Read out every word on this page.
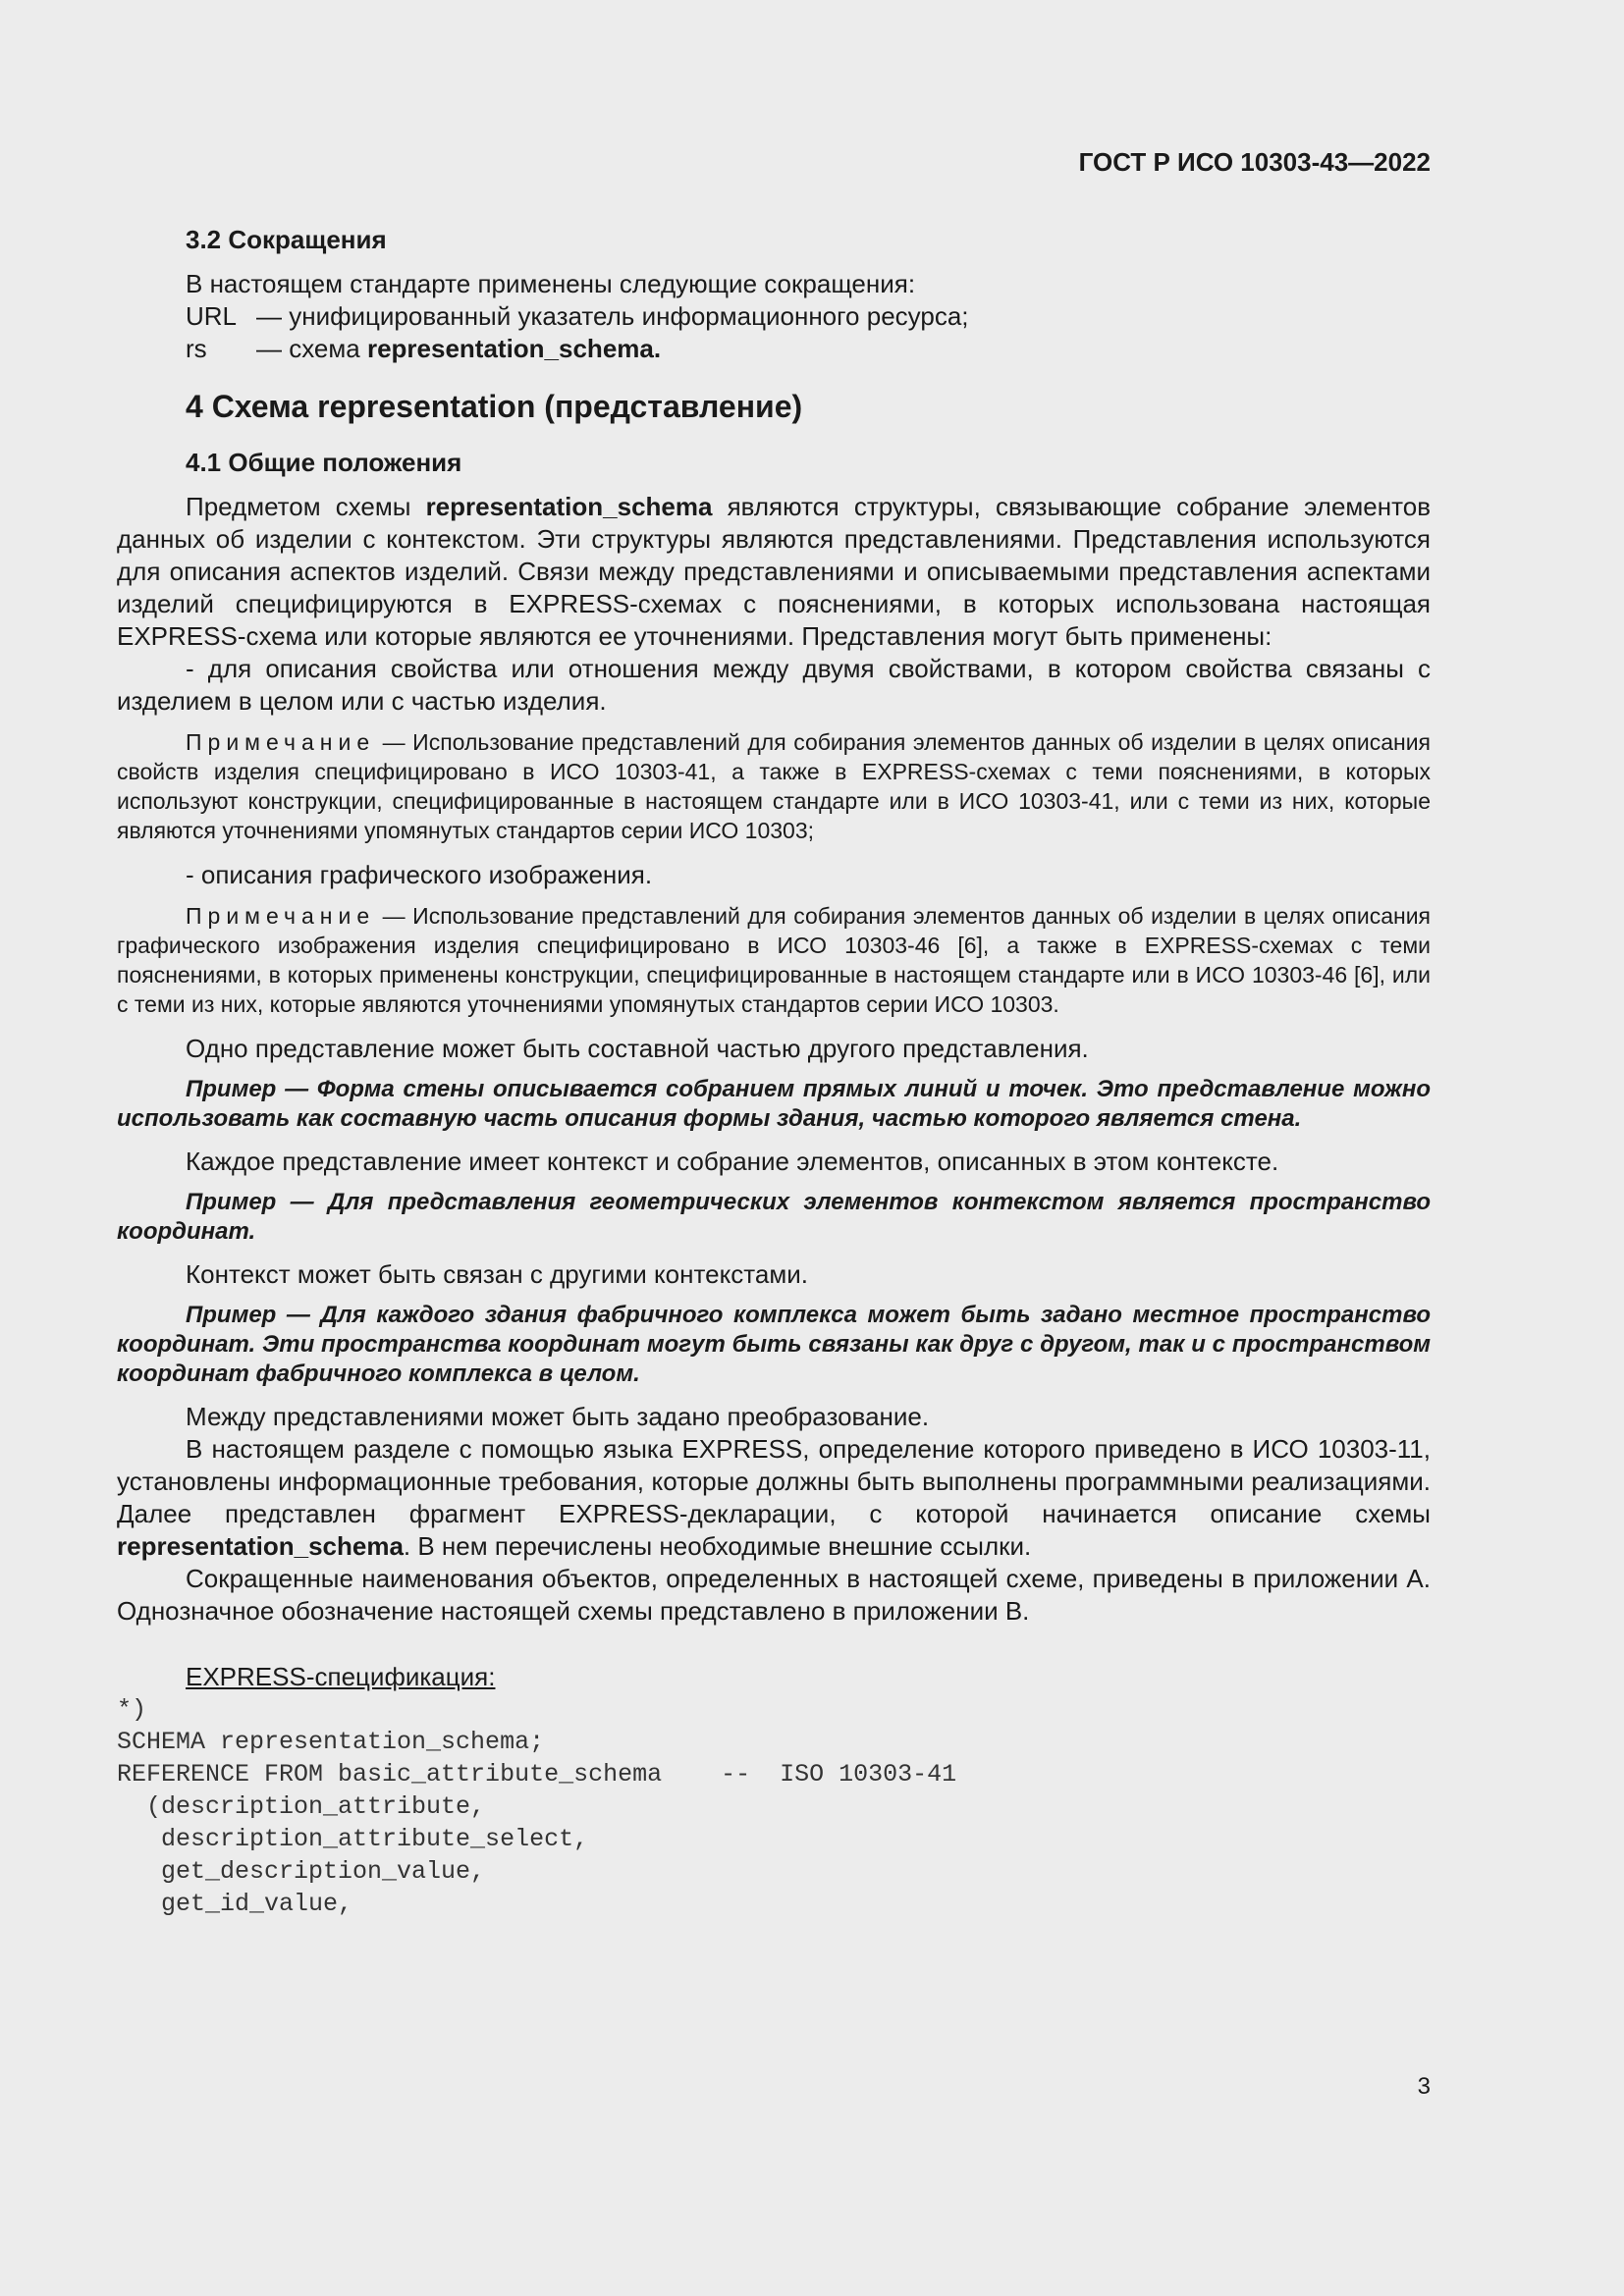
ГОСТ Р ИСО 10303-43—2022
3.2 Сокращения

В настоящем стандарте применены следующие сокращения:

URL — унифицированный указатель информационного ресурса;
rs	— схема representation_schema.
4 Схема representation (представление)
4.1 Общие положения

Предметом схемы representation_schema являются структуры, связывающие собрание элементов данных об изделии с контекстом. Эти структуры являются представлениями. Представления используются для описания аспектов изделий. Связи между представлениями и описываемыми представления аспектами изделий специфицируются в EXPRESS-схемах с пояснениями, в которых использована настоящая EXPRESS-схема или которые являются ее уточнениями. Представления могут быть применены:

- для описания свойства или отношения между двумя свойствами, в котором свойства связаны с изделием в целом или с частью изделия.

Примечание — Использование представлений для собирания элементов данных об изделии в целях описания свойств изделия специфицировано в ИСО 10303-41, а также в EXPRESS-схемах с теми пояснениями, в которых используют конструкции, специфицированные в настоящем стандарте или в ИСО 10303-41, или с теми из них, которые являются уточнениями упомянутых стандартов серии ИСО 10303;

- описания графического изображения.

Примечание — Использование представлений для собирания элементов данных об изделии в целях описания графического изображения изделия специфицировано в ИСО 10303-46 [6], а также в EXPRESS-схемах с теми пояснениями, в которых применены конструкции, специфицированные в настоящем стандарте или в ИСО 10303-46 [6], или с теми из них, которые являются уточнениями упомянутых стандартов серии ИСО 10303.

Одно представление может быть составной частью другого представления.

Пример — Форма стены описывается собранием прямых линий и точек. Это представление можно использовать как составную часть описания формы здания, частью которого является стена.

Каждое представление имеет контекст и собрание элементов, описанных в этом контексте.

Пример — Для представления геометрических элементов контекстом является пространство координат.

Контекст может быть связан с другими контекстами.

Пример — Для каждого здания фабричного комплекса может быть задано местное пространство координат. Эти пространства координат могут быть связаны как друг с другом, так и с пространством координат фабричного комплекса в целом.

Между представлениями может быть задано преобразование.

В настоящем разделе с помощью языка EXPRESS, определение которого приведено в ИСО 10303-11, установлены информационные требования, которые должны быть выполнены программными реализациями. Далее представлен фрагмент EXPRESS-декларации, с которой начинается описание схемы representation_schema. В нем перечислены необходимые внешние ссылки.

Сокращенные наименования объектов, определенных в настоящей схеме, приведены в приложении А. Однозначное обозначение настоящей схемы представлено в приложении В.

EXPRESS-спецификация:
*)
SCHEMA representation_schema;
REFERENCE FROM basic_attribute_schema    --  ISO 10303-41
(description_attribute,
description_attribute_select,
get_description_value,
get_id_value,
3
